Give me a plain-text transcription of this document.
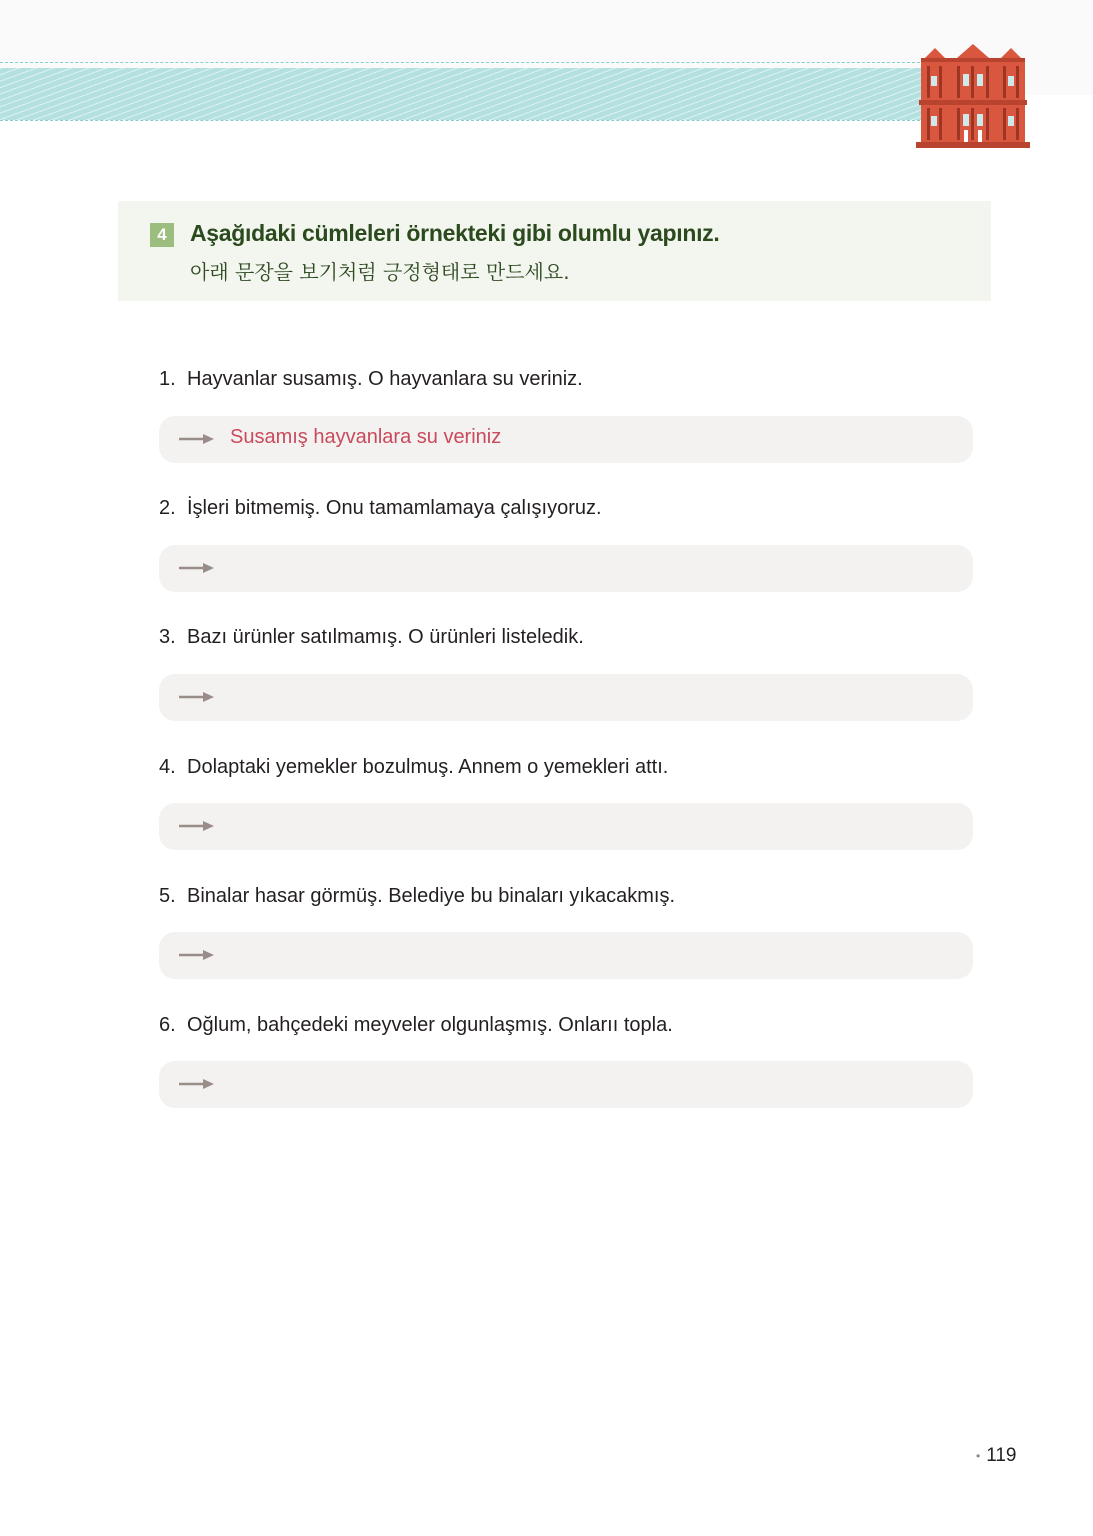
4	Aşağıdaki cümleleri örnekteki gibi olumlu yapınız.
아래 문장을 보기처럼 긍정형태로 만드세요.
1. Hayvanlar susamış. O hayvanlara su veriniz.
Susamış hayvanlara su veriniz
2. İşleri bitmemiş. Onu tamamlamaya çalışıyoruz.
3. Bazı ürünler satılmamış. O ürünleri listeledik.
4. Dolaptaki yemekler bozulmuş. Annem o yemekleri attı.
5. Binalar hasar görmüş. Belediye bu binaları yıkacakmış.
6. Oğlum, bahçedeki meyveler olgunlaşmış. Onlarıı topla.
• 119
